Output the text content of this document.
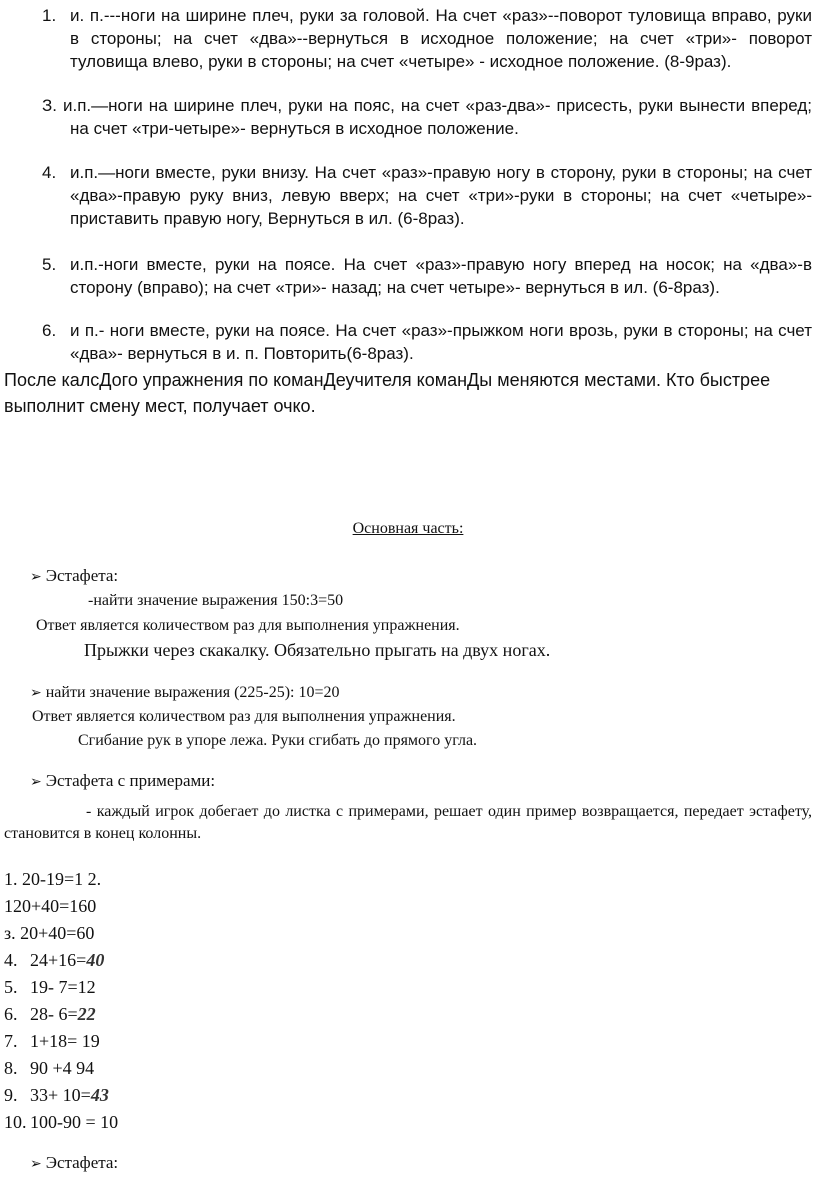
1. и. п.---ноги на ширине плеч, руки за головой. На счет «раз»--поворот туловища вправо, руки в стороны; на счет «два»--вернуться в исходное положение; на счет «три»- поворот туловища влево, руки в стороны; на счет «четыре» - исходное положение. (8-9раз).
З. и.п.—ноги на ширине плеч, руки на пояс, на счет «раз-два»- присесть, руки вынести вперед; на счет «три-четыре»- вернуться в исходное положение.
4. и.п.—ноги вместе, руки внизу. На счет «раз»-правую ногу в сторону, руки в стороны; на счет «два»-правую руку вниз, левую вверх; на счет «три»-руки в стороны; на счет «четыре»-приставить правую ногу, Вернуться в ил. (6-8раз).
5. и.п.-ноги вместе, руки на поясе. На счет «раз»-правую ногу вперед на носок; на «два»-в сторону (вправо); на счет «три»- назад; на счет четыре»- вернуться в ил. (6-8раз).
6. и п.- ноги вместе, руки на поясе. На счет «раз»-прыжком ноги врозь, руки в стороны; на счет «два»- вернуться в и. п. Повторить(6-8раз).
После калсДого упражнения по команДеучителя команДы меняются местами. Кто быстрее выполнит смену мест, получает очко.
Основная часть:
➢ Эстафета:
-найти значение выражения 150:3=50
Ответ является количеством раз для выполнения упражнения.
Прыжки через скакалку. Обязательно прыгать на двух ногах.
➢ найти значение выражения (225-25): 10=20
Ответ является количеством раз для выполнения упражнения.
Сгибание рук в упоре лежа. Руки сгибать до прямого угла.
➢ Эстафета с примерами:
- каждый игрок добегает до листка с примерами, решает один пример возвращается, передает эстафету, становится в конец колонны.
1. 20-19=1 2.
120+40=160
з. 20+40=60
4. 24+16=40
5. 19- 7=12
6. 28- 6=22
7. 1+18= 19
8. 90 +4 94
9. 33+ 10=43
10. 100-90 = 10
➢ Эстафета:
